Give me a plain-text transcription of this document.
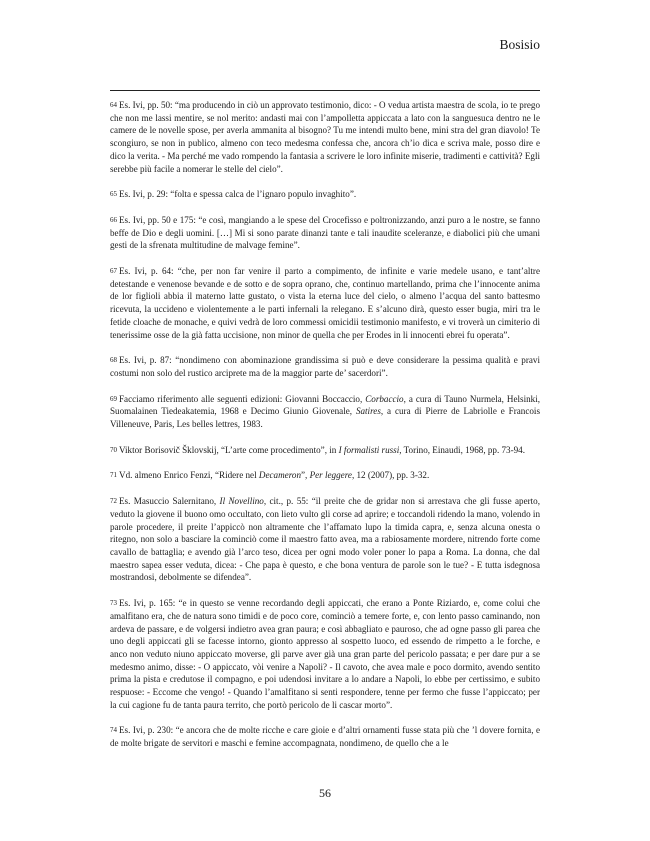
Bosisio

64 Es. Ivi, pp. 50: “ma producendo in ciò un approvato testimonio, dico: - O vedua artista maestra de scola, io te prego che non me lassi mentire, se nol merito: andasti mai con l’ampolletta appiccata a lato con la sanguesuca dentro ne le camere de le novelle spose, per averla ammanita al bisogno? Tu me intendi multo bene, mini stra del gran diavolo! Te scongiuro, se non in publico, almeno con teco medesma confessa che, ancora ch’io dica e scriva male, posso dire e dico la verita. - Ma perché me vado rompendo la fantasia a scrivere le loro infinite miserie, tradimenti e cattività? Egli serebbe più facile a nomerar le stelle del cielo”.

65 Es. Ivi, p. 29: “folta e spessa calca de l’ignaro populo invaghito”.

66 Es. Ivi, pp. 50 e 175: “e così, mangiando a le spese del Crocefisso e poltronizzando, anzi puro a le nostre, se fanno beffe de Dio e degli uomini. […] Mi si sono parate dinanzi tante e tali inaudite sceleranze, e diabolici più che umani gesti de la sfrenata multitudine de malvage femine”.

67 Es. Ivi, p. 64: “che, per non far venire il parto a compimento, de infinite e varie medele usano, e tant’altre detestande e venenose bevande e de sotto e de sopra oprano, che, continuo martellando, prima che l’innocente anima de lor figlioli abbia il materno latte gustato, o vista la eterna luce del cielo, o almeno l’acqua del santo battesmo ricevuta, la uccideno e violentemente a le parti infernali la relegano. E s’alcuno dirà, questo esser bugia, miri tra le fetide cloache de monache, e quivi vedrà de loro commessi omicidii testimonio manifesto, e vi troverà un cimiterio di tenerissime osse de la già fatta uccisione, non minor de quella che per Erodes in li innocenti ebrei fu operata”.

68 Es. Ivi, p. 87: “nondimeno con abominazione grandissima si può e deve considerare la pessima qualità e pravi costumi non solo del rustico arciprete ma de la maggior parte de’ sacerdori”.

69 Facciamo riferimento alle seguenti edizioni: Giovanni Boccaccio, Corbaccio, a cura di Tauno Nurmela, Helsinki, Suomalainen Tiedeakatemia, 1968 e Decimo Giunio Giovenale, Satires, a cura di Pierre de Labriolle e Francois Villeneuve, Paris, Les belles lettres, 1983.

70 Viktor Borisovič Šklovskij, “L’arte come procedimento”, in I formalisti russi, Torino, Einaudi, 1968, pp. 73-94.

71 Vd. almeno Enrico Fenzi, “Ridere nel Decameron”, Per leggere, 12 (2007), pp. 3-32.

72 Es. Masuccio Salernitano, Il Novellino, cit., p. 55: “il preite che de gridar non si arrestava che gli fusse aperto, veduto la giovene il buono omo occultato, con lieto vulto gli corse ad aprire; e toccandoli ridendo la mano, volendo in parole procedere, il preite l’appiccò non altramente che l’affamato lupo la timida capra, e, senza alcuna onesta o ritegno, non solo a basciare la cominciò come il maestro fatto avea, ma a rabiosamente mordere, nitrendo forte come cavallo de battaglia; e avendo già l’arco teso, dicea per ogni modo voler poner lo papa a Roma. La donna, che dal maestro sapea esser veduta, dicea: - Che papa è questo, e che bona ventura de parole son le tue? - E tutta isdegnosa mostrandosi, debolmente se difendea”.

73 Es. Ivi, p. 165: “e in questo se venne recordando degli appiccati, che erano a Ponte Riziardo, e, come colui che amalfitano era, che de natura sono timidi e de poco core, cominciò a temere forte, e, con lento passo caminando, non ardeva de passare, e de volgersi indietro avea gran paura; e così abbagliato e pauroso, che ad ogne passo gli parea che uno degli appiccati gli se facesse intorno, gionto appresso al sospetto luoco, ed essendo de rimpetto a le forche, e anco non veduto niuno appiccato moverse, gli parve aver già una gran parte del pericolo passata; e per dare pur a se medesmo animo, disse: - O appiccato, vòi venire a Napoli? - Il cavoto, che avea male e poco dormito, avendo sentito prima la pista e credutose il compagno, e poi udendosi invitare a lo andare a Napoli, lo ebbe per certissimo, e subito respuose: - Eccome che vengo! - Quando l’amalfitano si senti respondere, tenne per fermo che fusse l’appiccato; per la cui cagione fu de tanta paura territo, che portò pericolo de li cascar morto”.

74 Es. Ivi, p. 230: “e ancora che de molte ricche e care gioie e d’altri ornamenti fusse stata più che ’l dovere fornita, e de molte brigate de servitori e maschi e femine accompagnata, nondimeno, de quello che a le

56
